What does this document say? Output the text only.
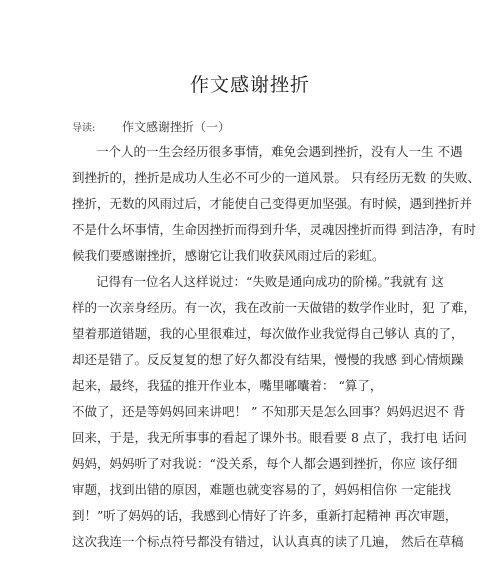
作文感谢挫折
导读: 作文感谢挫折（一）
一个人的一生会经历很多事情，难免会遇到挫折，没有人一生 不遇
到挫折的，挫折是成功人生必不可少的一道风景。 只有经历无数 的失败、
挫折，无数的风雨过后，才能使自己变得更加坚强。有时候，遇到挫折并
不是什么坏事情，生命因挫折而得到升华，灵魂因挫折而得 到洁净，有时
候我们要感谢挫折，感谢它让我们收获风雨过后的彩虹。
记得有一位名人这样说过：“失败是通向成功的阶梯。”我就有 这
样的一次亲身经历。有一次，我在改前一天做错的数学作业时，犯 了难，
望着那道错题，我的心里很难过，每次做作业我觉得自己够认 真的了，
却还是错了。反反复复的想了好久都没有结果，慢慢的我感 到心情烦躁
起来，最终，我猛的推开作业本，嘴里嘟囔着： “算了，
不做了，还是等妈妈回来讲吧！ ” 不知那天是怎么回事？妈妈迟迟不 背
回来，于是，我无所事事的看起了课外书。眼看要 8 点了，我打电 话问
妈妈，妈妈听了对我说：“没关系，每个人都会遇到挫折，你应 该仔细
审题，找到出错的原因，难题也就变容易的了，妈妈相信你 一定能找
到！”听了妈妈的话，我感到心情好了许多，重新打起精神 再次审题，
这次我连一个标点符号都没有错过，认认真真的读了几遍， 然后在草稿
